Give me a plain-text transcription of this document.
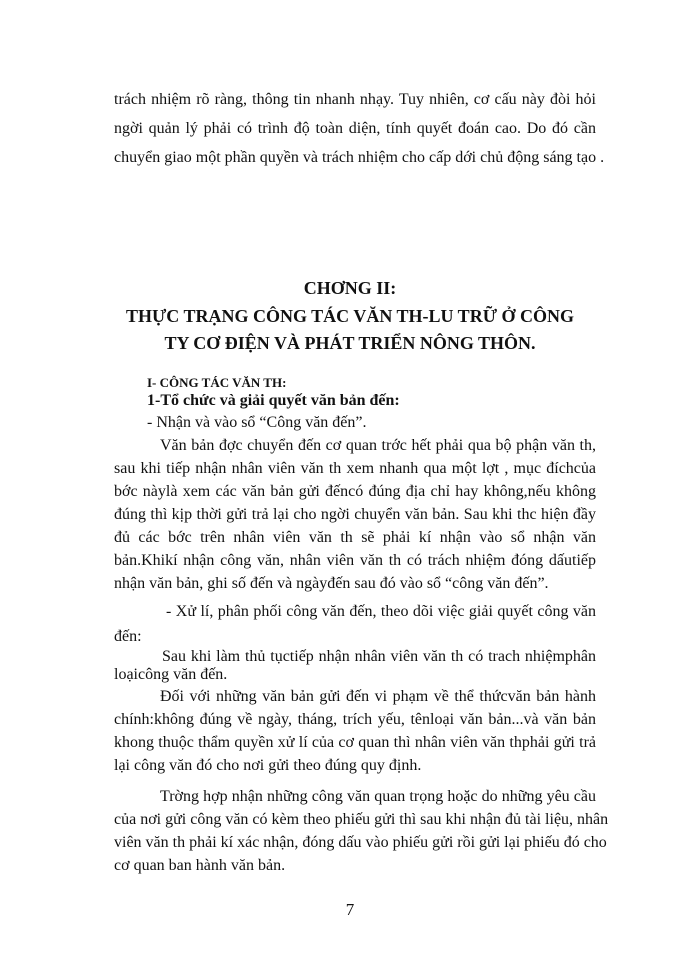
trách nhiệm rõ ràng, thông tin nhanh nhạy. Tuy nhiên, cơ cấu này đòi hỏi
ngời quản lý phải có trình độ toàn diện, tính quyết đoán cao. Do đó cần
chuyển giao một phần quyền và trách nhiệm cho cấp dới chủ động sáng tạo .
CHƠNG II:
THỰC TRẠNG CÔNG TÁC VĂN TH-LU TRỮ Ở CÔNG
TY CƠ ĐIỆN VÀ PHÁT TRIỂN NÔNG THÔN.
I- CÔNG TÁC VĂN TH:
1-Tổ chức và giải quyết văn bản đến:
- Nhận và vào sổ “Công văn đến”.
Văn bản đợc chuyển đến cơ quan trớc hết phải qua bộ phận văn th,
sau khi tiếp nhận nhân viên văn th xem nhanh qua một lợt , mục đíchcủa
bớc nàylà xem các văn bản gửi đếncó đúng địa chỉ hay không,nếu không
đúng thì kịp thời gửi trả lại cho ngời chuyển văn bản. Sau khi thc hiện đầy
đủ các bớc trên nhân viên văn th sẽ phải kí nhận vào sổ nhận văn
bản.Khikí nhận công văn, nhân viên văn th có trách nhiệm đóng dấutiếp
nhận văn bản, ghi số đến và ngàyđến sau đó vào sổ “công văn đến”.
- Xử lí, phân phối công văn đến, theo dõi việc giải quyết công văn
đến:
Sau khi làm thủ tụctiếp nhận nhân viên văn th có trach nhiệmphân
loạicông văn đến.
Đối với những văn bản gửi đến vi phạm về thể thứcvăn bản hành
chính:không đúng về ngày, tháng, trích yếu, tênloại văn bản...và văn bản
khong thuộc thẩm quyền xử lí của cơ quan thì nhân viên văn thphải gửi trả
lại công văn đó cho nơi gửi theo đúng quy định.
Trờng hợp nhận những công văn quan trọng hoặc do những yêu cầu
của nơi gửi công văn có kèm theo phiếu gửi thì sau khi nhận đủ tài liệu, nhân
viên văn th phải kí xác nhận, đóng dấu vào phiếu gửi rồi gửi lại phiếu đó cho
cơ quan ban hành văn bản.
7
